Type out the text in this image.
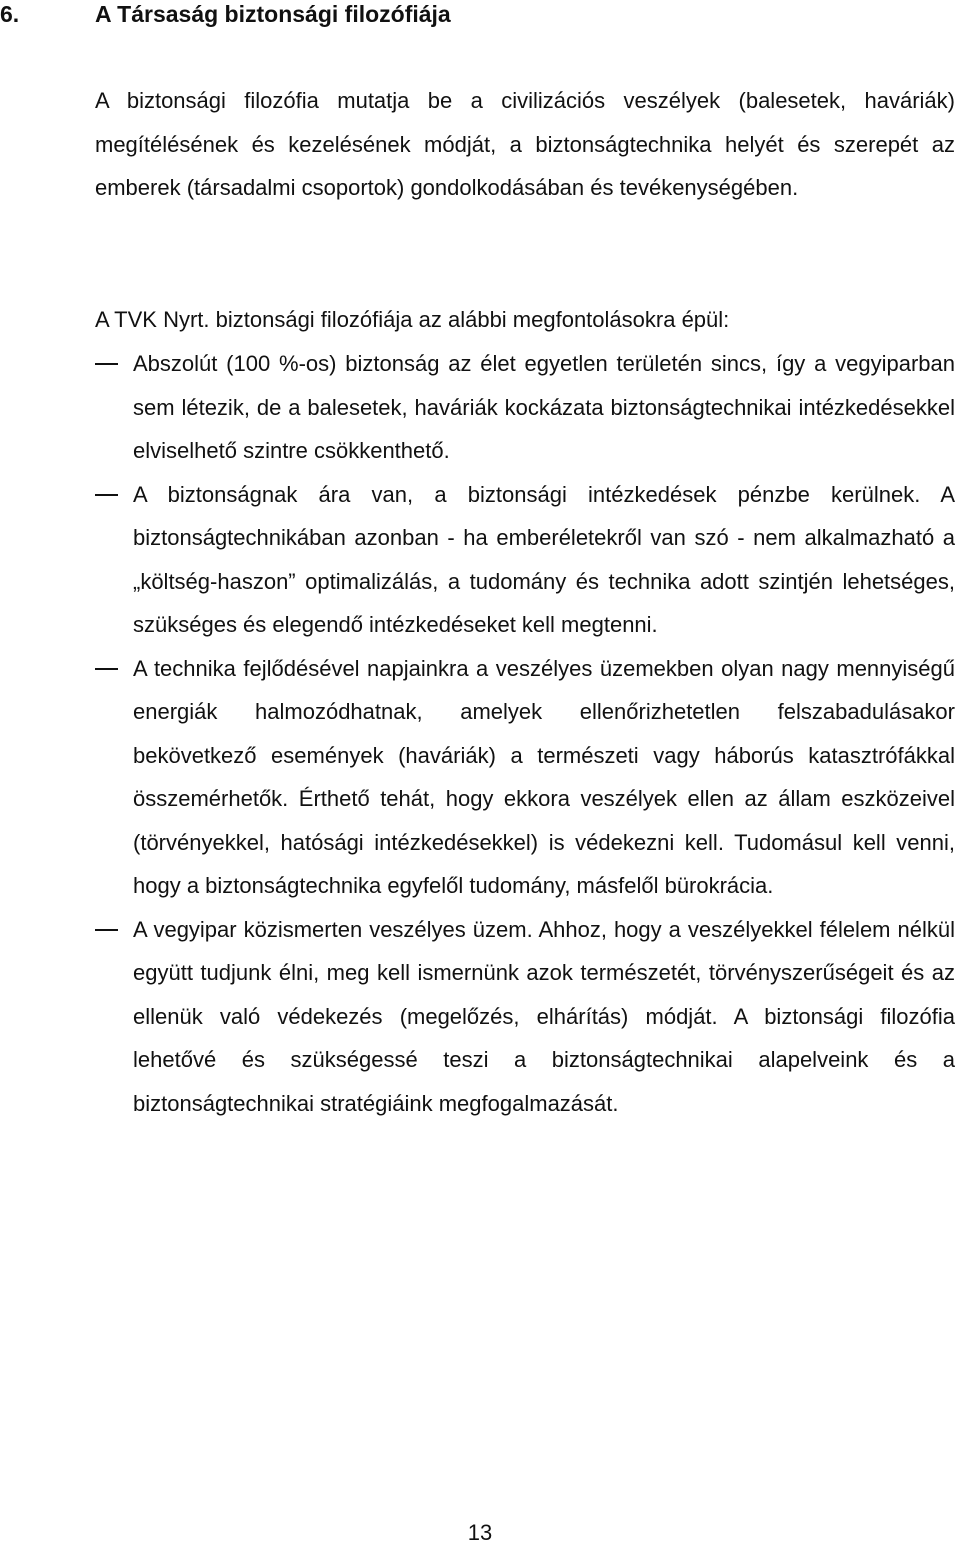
6.	A Társaság biztonsági filozófiája

A biztonsági filozófia mutatja be a civilizációs veszélyek (balesetek, haváriák) megítélésének és kezelésének módját, a biztonságtechnika helyét és szerepét az emberek (társadalmi csoportok) gondolkodásában és tevékenységében.

A TVK Nyrt. biztonsági filozófiája az alábbi megfontolásokra épül:

Abszolút (100 %-os) biztonság az élet egyetlen területén sincs, így a vegyiparban sem létezik, de a balesetek, haváriák kockázata biztonságtechnikai intézkedésekkel elviselhető szintre csökkenthető.
A biztonságnak ára van, a biztonsági intézkedések pénzbe kerülnek. A biztonságtechnikában azonban - ha emberéletekről van szó - nem alkalmazható a „költség-haszon” optimalizálás, a tudomány és technika adott szintjén lehetséges, szükséges és elegendő intézkedéseket kell megtenni.
A technika fejlődésével napjainkra a veszélyes üzemekben olyan nagy mennyiségű energiák halmozódhatnak, amelyek ellenőrizhetetlen felszabadulásakor bekövetkező események (haváriák) a természeti vagy háborús katasztrófákkal összemérhetők. Érthető tehát, hogy ekkora veszélyek ellen az állam eszközeivel (törvényekkel, hatósági intézkedésekkel) is védekezni kell. Tudomásul kell venni, hogy a biztonságtechnika egyfelől tudomány, másfelől bürokrácia.
A vegyipar közismerten veszélyes üzem. Ahhoz, hogy a veszélyekkel félelem nélkül együtt tudjunk élni, meg kell ismernünk azok természetét, törvényszerűségeit és az ellenük való védekezés (megelőzés, elhárítás) módját. A biztonsági filozófia lehetővé és szükségessé teszi a biztonságtechnikai alapelveink és a biztonságtechnikai stratégiáink megfogalmazását.
13
